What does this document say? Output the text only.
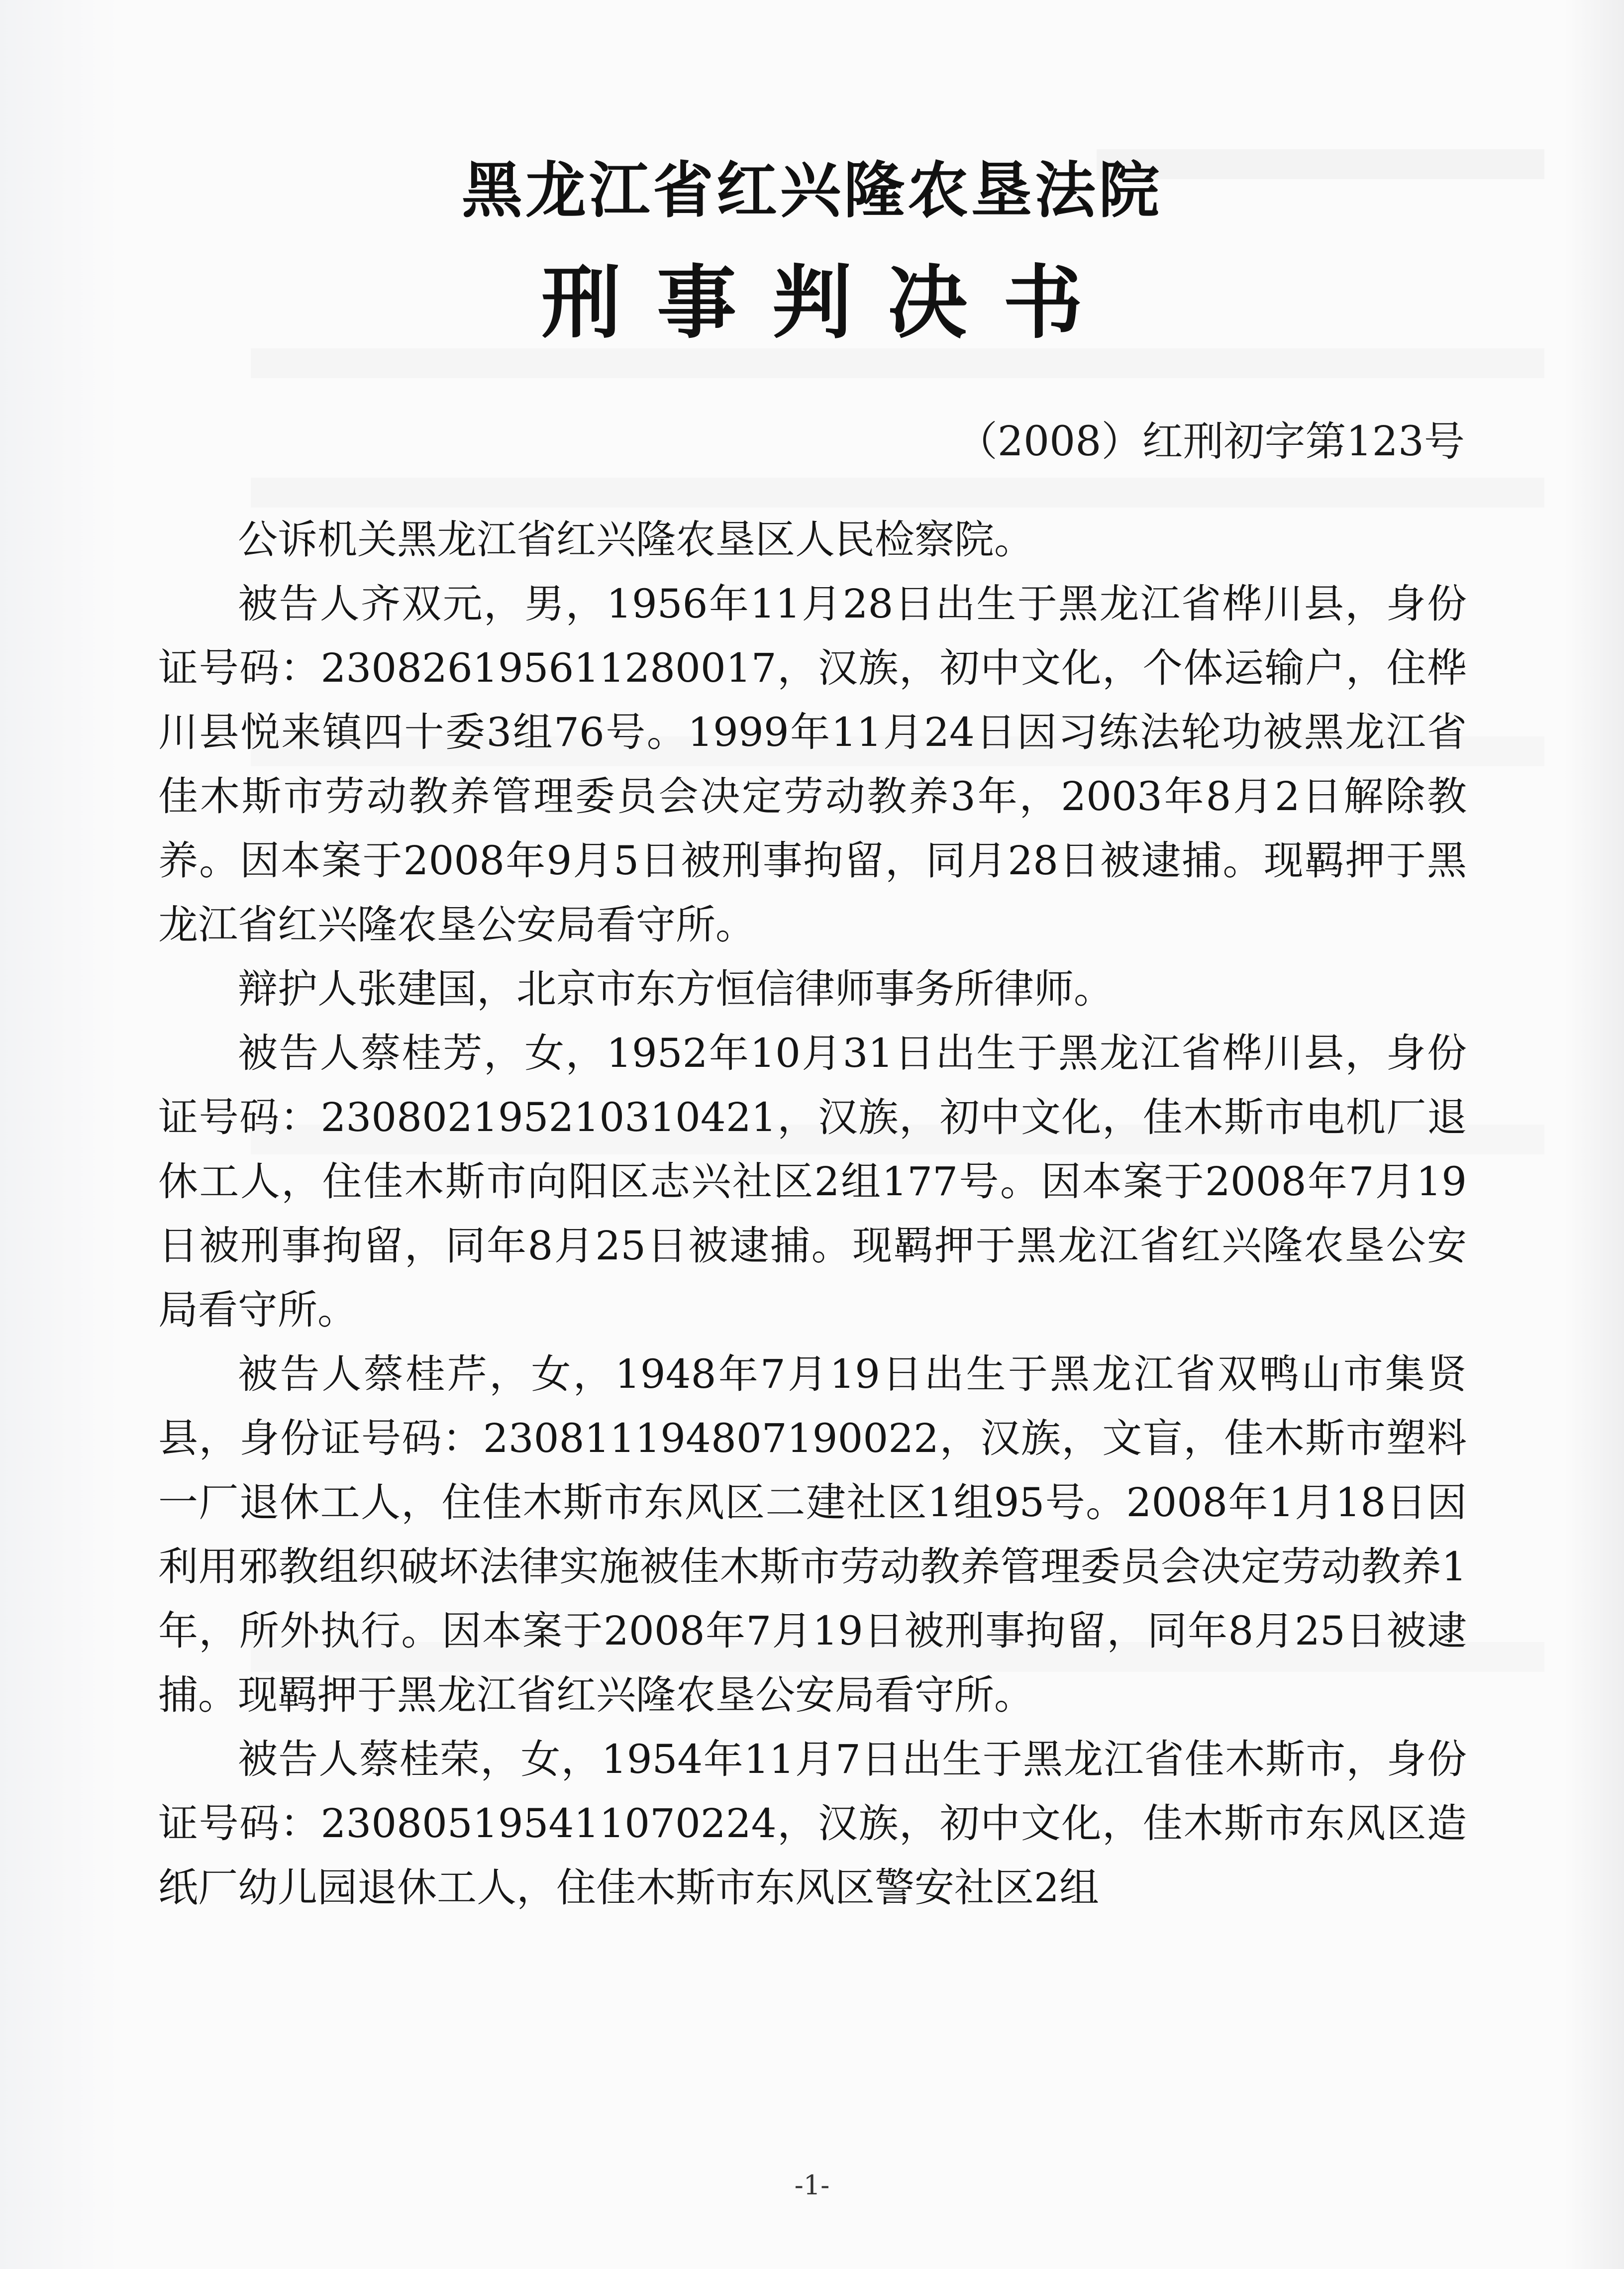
黑龙江省红兴隆农垦法院
刑事判决书
（2008）红刑初字第123号

公诉机关黑龙江省红兴隆农垦区人民检察院。

被告人齐双元，男，1956年11月28日出生于黑龙江省桦川县，身份证号码：230826195611280017，汉族，初中文化，个体运输户，住桦川县悦来镇四十委3组76号。1999年11月24日因习练法轮功被黑龙江省佳木斯市劳动教养管理委员会决定劳动教养3年，2003年8月2日解除教养。因本案于2008年9月5日被刑事拘留，同月28日被逮捕。现羁押于黑龙江省红兴隆农垦公安局看守所。

辩护人张建国，北京市东方恒信律师事务所律师。

被告人蔡桂芳，女，1952年10月31日出生于黑龙江省桦川县，身份证号码：230802195210310421，汉族，初中文化，佳木斯市电机厂退休工人，住佳木斯市向阳区志兴社区2组177号。因本案于2008年7月19日被刑事拘留，同年8月25日被逮捕。现羁押于黑龙江省红兴隆农垦公安局看守所。

被告人蔡桂芹，女，1948年7月19日出生于黑龙江省双鸭山市集贤县，身份证号码：230811194807190022，汉族，文盲，佳木斯市塑料一厂退休工人，住佳木斯市东风区二建社区1组95号。2008年1月18日因利用邪教组织破坏法律实施被佳木斯市劳动教养管理委员会决定劳动教养1年，所外执行。因本案于2008年7月19日被刑事拘留，同年8月25日被逮捕。现羁押于黑龙江省红兴隆农垦公安局看守所。

被告人蔡桂荣，女，1954年11月7日出生于黑龙江省佳木斯市，身份证号码：230805195411070224，汉族，初中文化，佳木斯市东风区造纸厂幼儿园退休工人，住佳木斯市东风区警安社区2组

-1-
